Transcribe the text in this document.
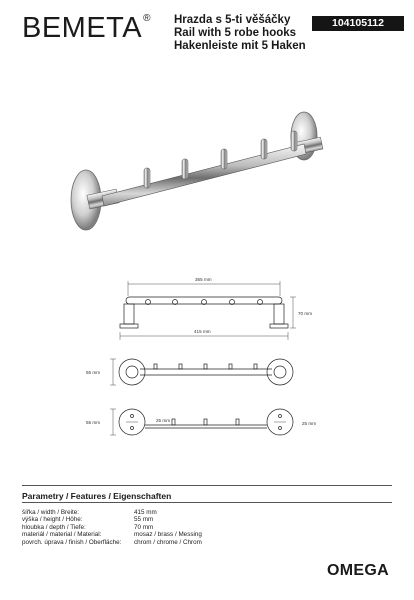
BEMETA® Hrazda s 5-ti věšáčky
Rail with 5 robe hooks
Hakenleiste mit 5 Haken
104105112
365 mm
70 mm
415 mm
55 mm
55 mm	25 mm
25 mm
Parametry / Features / Eigenschaften
šířka / width / Breite:	415 mm
výška / height / Höhe:	55 mm
hloubka / depth / Tiefe:	70 mm
materiál / material / Material:	mosaz / brass / Messing
povrch. úprava / finish / Oberfläche:	chrom / chrome / Chrom
OMEGA
